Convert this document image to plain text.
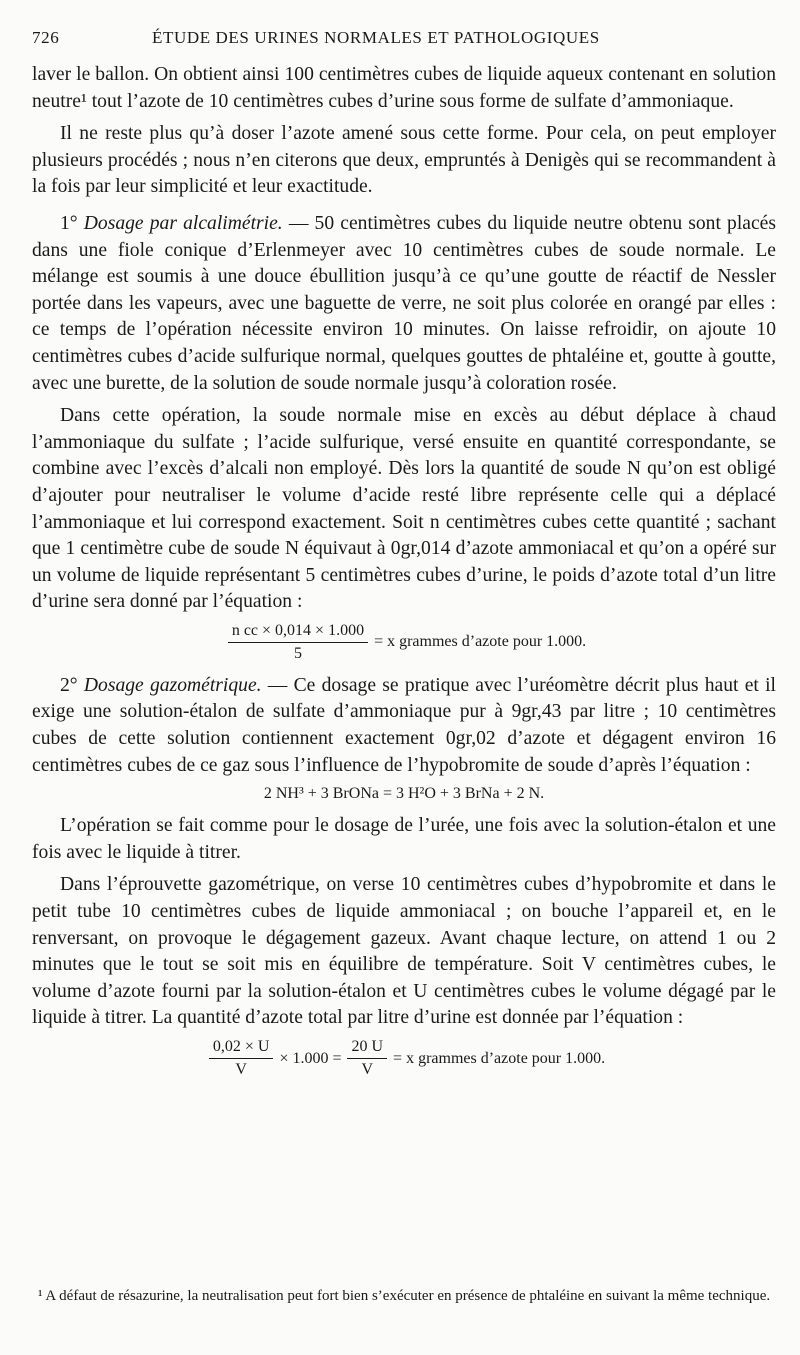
726	ÉTUDE DES URINES NORMALES ET PATHOLOGIQUES

laver le ballon. On obtient ainsi 100 centimètres cubes de liquide aqueux contenant en solution neutre¹ tout l’azote de 10 centimètres cubes d’urine sous forme de sulfate d’ammoniaque.

Il ne reste plus qu’à doser l’azote amené sous cette forme. Pour cela, on peut employer plusieurs procédés ; nous n’en citerons que deux, empruntés à Denigès qui se recommandent à la fois par leur simplicité et leur exactitude.

1° Dosage par alcalimétrie. — 50 centimètres cubes du liquide neutre obtenu sont placés dans une fiole conique d’Erlenmeyer avec 10 centimètres cubes de soude normale. Le mélange est soumis à une douce ébullition jusqu’à ce qu’une goutte de réactif de Nessler portée dans les vapeurs, avec une baguette de verre, ne soit plus colorée en orangé par elles : ce temps de l’opération nécessite environ 10 minutes. On laisse refroidir, on ajoute 10 centimètres cubes d’acide sulfurique normal, quelques gouttes de phtaléine et, goutte à goutte, avec une burette, de la solution de soude normale jusqu’à coloration rosée.

Dans cette opération, la soude normale mise en excès au début déplace à chaud l’ammoniaque du sulfate ; l’acide sulfurique, versé ensuite en quantité correspondante, se combine avec l’excès d’alcali non employé. Dès lors la quantité de soude N qu’on est obligé d’ajouter pour neutraliser le volume d’acide resté libre représente celle qui a déplacé l’ammoniaque et lui correspond exactement. Soit n centimètres cubes cette quantité ; sachant que 1 centimètre cube de soude N équivaut à 0gr,014 d’azote ammoniacal et qu’on a opéré sur un volume de liquide représentant 5 centimètres cubes d’urine, le poids d’azote total d’un litre d’urine sera donné par l’équation :

$\frac{\text{n cc × 0,014 × 1.000}}{5} = x$ grammes d’azote pour 1.000.

2° Dosage gazométrique. — Ce dosage se pratique avec l’uréomètre décrit plus haut et il exige une solution-étalon de sulfate d’ammoniaque pur à 9gr,43 par litre ; 10 centimètres cubes de cette solution contiennent exactement 0gr,02 d’azote et dégagent environ 16 centimètres cubes de ce gaz sous l’influence de l’hypobromite de soude d’après l’équation :

2 NH³ + 3 BrONa = 3 H²O + 3 BrNa + 2 N.

L’opération se fait comme pour le dosage de l’urée, une fois avec la solution-étalon et une fois avec le liquide à titrer.

Dans l’éprouvette gazométrique, on verse 10 centimètres cubes d’hypobromite et dans le petit tube 10 centimètres cubes de liquide ammoniacal ; on bouche l’appareil et, en le renversant, on provoque le dégagement gazeux. Avant chaque lecture, on attend 1 ou 2 minutes que le tout se soit mis en équilibre de température. Soit V centimètres cubes, le volume d’azote fourni par la solution-étalon et U centimètres cubes le volume dégagé par le liquide à titrer. La quantité d’azote total par litre d’urine est donnée par l’équation :

$\frac{0,02 \times U}{V} \times 1.000 = \frac{20 U}{V} = x$ grammes d’azote pour 1.000.
¹ A défaut de résazurine, la neutralisation peut fort bien s’exécuter en présence de phtaléine en suivant la même technique.
